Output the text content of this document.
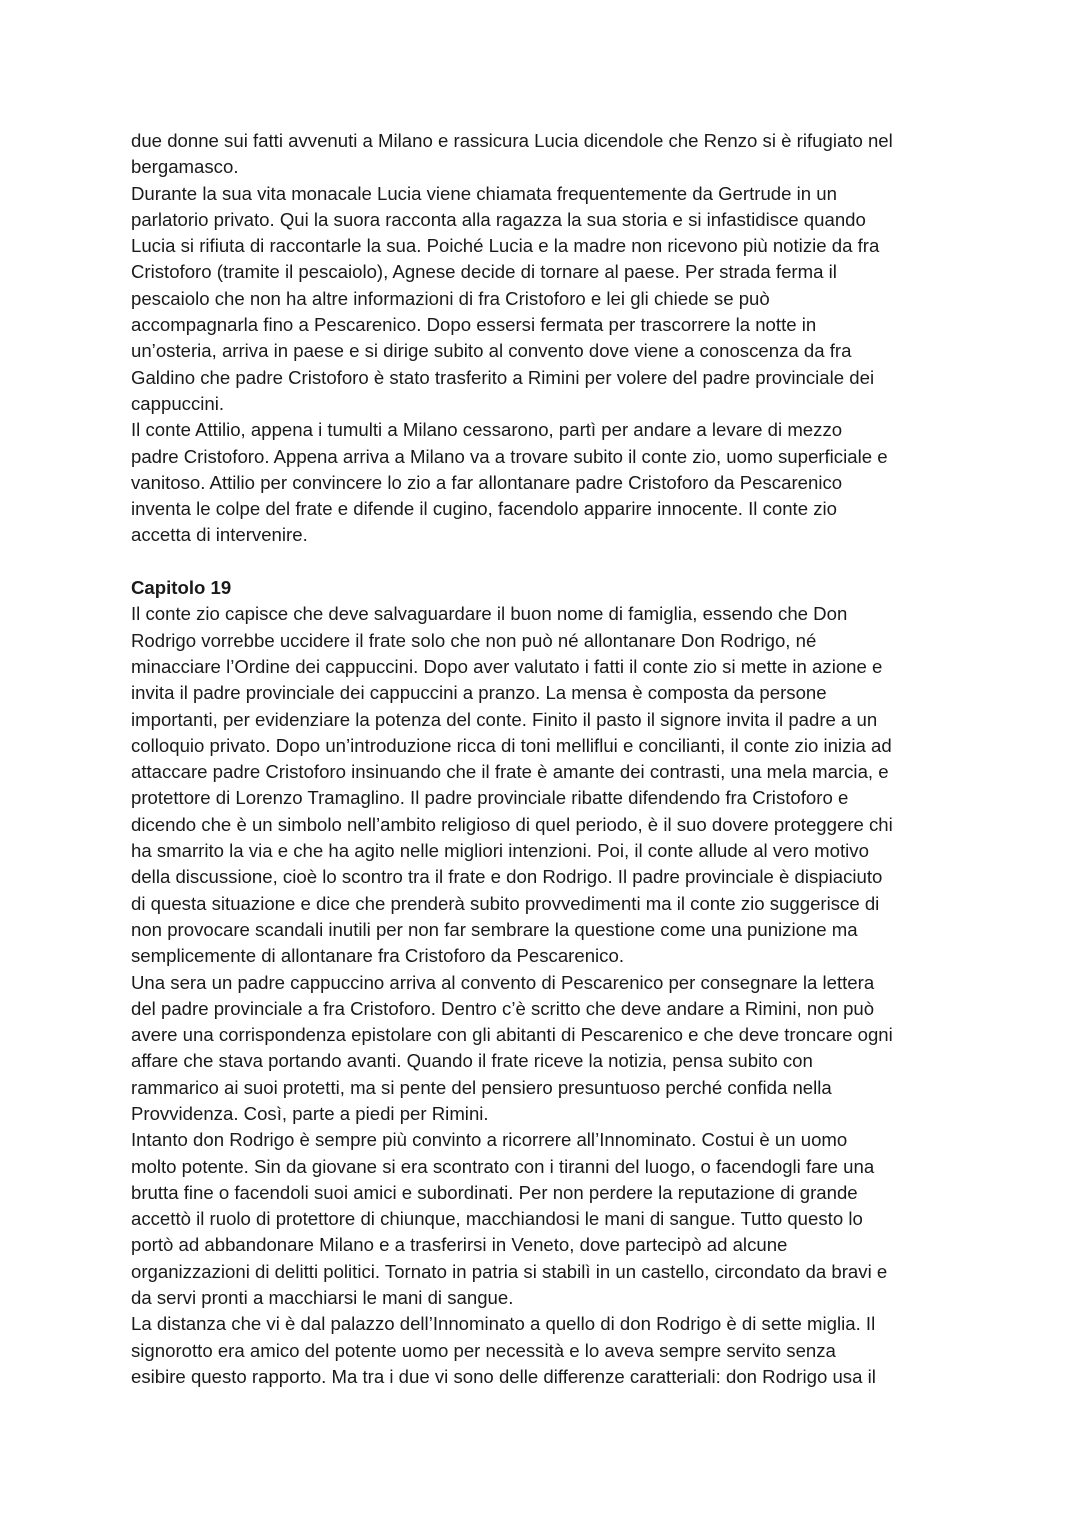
due donne sui fatti avvenuti a Milano e rassicura Lucia dicendole che Renzo si è rifugiato nel
bergamasco.
Durante la sua vita monacale Lucia viene chiamata frequentemente da Gertrude in un
parlatorio privato. Qui la suora racconta alla ragazza la sua storia e si infastidisce quando
Lucia si rifiuta di raccontarle la sua. Poiché Lucia e la madre non ricevono più notizie da fra
Cristoforo (tramite il pescaiolo), Agnese decide di tornare al paese. Per strada ferma il
pescaiolo che non ha altre informazioni di fra Cristoforo e lei gli chiede se può
accompagnarla fino a Pescarenico. Dopo essersi fermata per trascorrere la notte in
un’osteria, arriva in paese e si dirige subito al convento dove viene a conoscenza da fra
Galdino che padre Cristoforo è stato trasferito a Rimini per volere del padre provinciale dei
cappuccini.
Il conte Attilio, appena i tumulti a Milano cessarono, partì per andare a levare di mezzo
padre Cristoforo. Appena arriva a Milano va a trovare subito il conte zio, uomo superficiale e
vanitoso. Attilio per convincere lo zio a far allontanare padre Cristoforo da Pescarenico
inventa le colpe del frate e difende il cugino, facendolo apparire innocente. Il conte zio
accetta di intervenire.
Capitolo 19
Il conte zio capisce che deve salvaguardare il buon nome di famiglia, essendo che Don
Rodrigo vorrebbe uccidere il frate solo che non può né allontanare Don Rodrigo, né
minacciare l’Ordine dei cappuccini. Dopo aver valutato i fatti il conte zio si mette in azione e
invita il padre provinciale dei cappuccini a pranzo. La mensa è composta da persone
importanti, per evidenziare la potenza del conte. Finito il pasto il signore invita il padre a un
colloquio privato. Dopo un’introduzione ricca di toni melliflui e concilianti, il conte zio inizia ad
attaccare padre Cristoforo insinuando che il frate è amante dei contrasti, una mela marcia, e
protettore di Lorenzo Tramaglino. Il padre provinciale ribatte difendendo fra Cristoforo e
dicendo che è un simbolo nell’ambito religioso di quel periodo, è il suo dovere proteggere chi
ha smarrito la via e che ha agito nelle migliori intenzioni. Poi, il conte allude al vero motivo
della discussione, cioè lo scontro tra il frate e don Rodrigo. Il padre provinciale è dispiaciuto
di questa situazione e dice che prenderà subito provvedimenti ma il conte zio suggerisce di
non provocare scandali inutili per non far sembrare la questione come una punizione ma
semplicemente di allontanare fra Cristoforo da Pescarenico.
Una sera un padre cappuccino arriva al convento di Pescarenico per consegnare la lettera
del padre provinciale a fra Cristoforo. Dentro c’è scritto che deve andare a Rimini, non può
avere una corrispondenza epistolare con gli abitanti di Pescarenico e che deve troncare ogni
affare che stava portando avanti. Quando il frate riceve la notizia, pensa subito con
rammarico ai suoi protetti, ma si pente del pensiero presuntuoso perché confida nella
Provvidenza. Così, parte a piedi per Rimini.
Intanto don Rodrigo è sempre più convinto a ricorrere all’Innominato. Costui è un uomo
molto potente. Sin da giovane si era scontrato con i tiranni del luogo, o facendogli fare una
brutta fine o facendoli suoi amici e subordinati. Per non perdere la reputazione di grande
accettò il ruolo di protettore di chiunque, macchiandosi le mani di sangue. Tutto questo lo
portò ad abbandonare Milano e a trasferirsi in Veneto, dove partecipò ad alcune
organizzazioni di delitti politici. Tornato in patria si stabilì in un castello, circondato da bravi e
da servi pronti a macchiarsi le mani di sangue.
La distanza che vi è dal palazzo dell’Innominato a quello di don Rodrigo è di sette miglia. Il
signorotto era amico del potente uomo per necessità e lo aveva sempre servito senza
esibire questo rapporto. Ma tra i due vi sono delle differenze caratteriali: don Rodrigo usa il
